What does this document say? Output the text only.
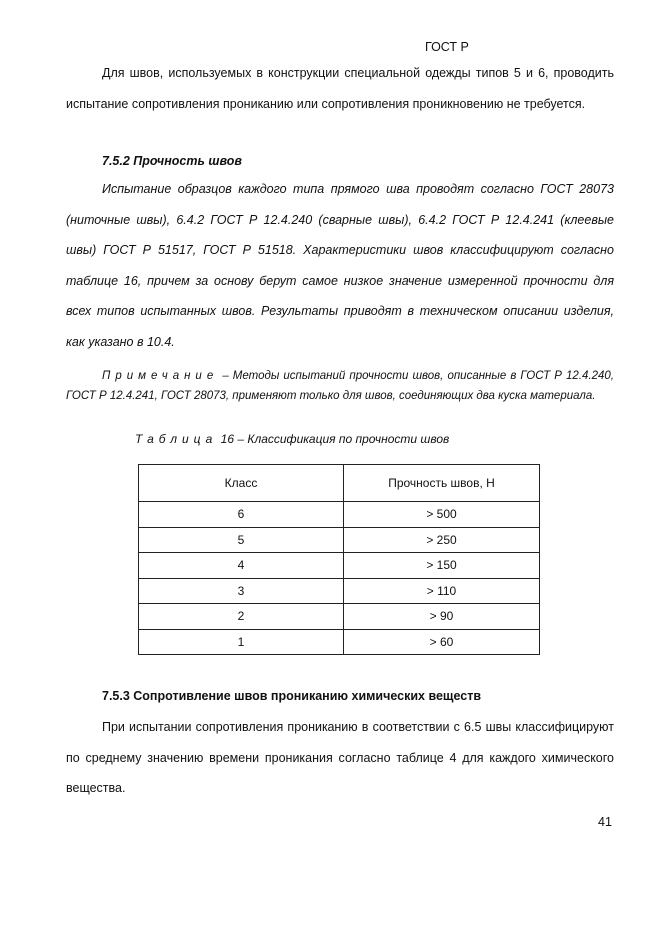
ГОСТ Р

Для швов, используемых в конструкции специальной одежды типов 5 и 6, проводить испытание сопротивления проникaнию или сопротивления проникновению не требуется.

7.5.2 Прочность швов

Испытание образцов каждого типа прямого шва проводят согласно ГОСТ 28073 (ниточные швы), 6.4.2 ГОСТ Р 12.4.240 (сварные швы), 6.4.2 ГОСТ Р 12.4.241 (клеевые швы) ГОСТ Р 51517, ГОСТ Р 51518. Характеристики швов классифицируют согласно таблице 16, причем за основу берут самое низкое значение измеренной прочности для всех типов испытанных швов. Результаты приводят в техническом описании изделия, как указано в 10.4.

Примечание – Методы испытаний прочности швов, описанные в ГОСТ Р 12.4.240, ГОСТ Р 12.4.241, ГОСТ 28073, применяют только для швов, соединяющих два куска материала.

Таблица 16 – Классификация по прочности швов
Класс	Прочность швов, Н
6	> 500
5	> 250
4	> 150
3	> 110
2	> 90
1	> 60
7.5.3 Сопротивление швов проникaнию химических веществ

При испытании сопротивления проникaнию в соответствии с 6.5 швы классифицируют по среднему значению времени проникания согласно таблице 4 для каждого химического вещества.

41
